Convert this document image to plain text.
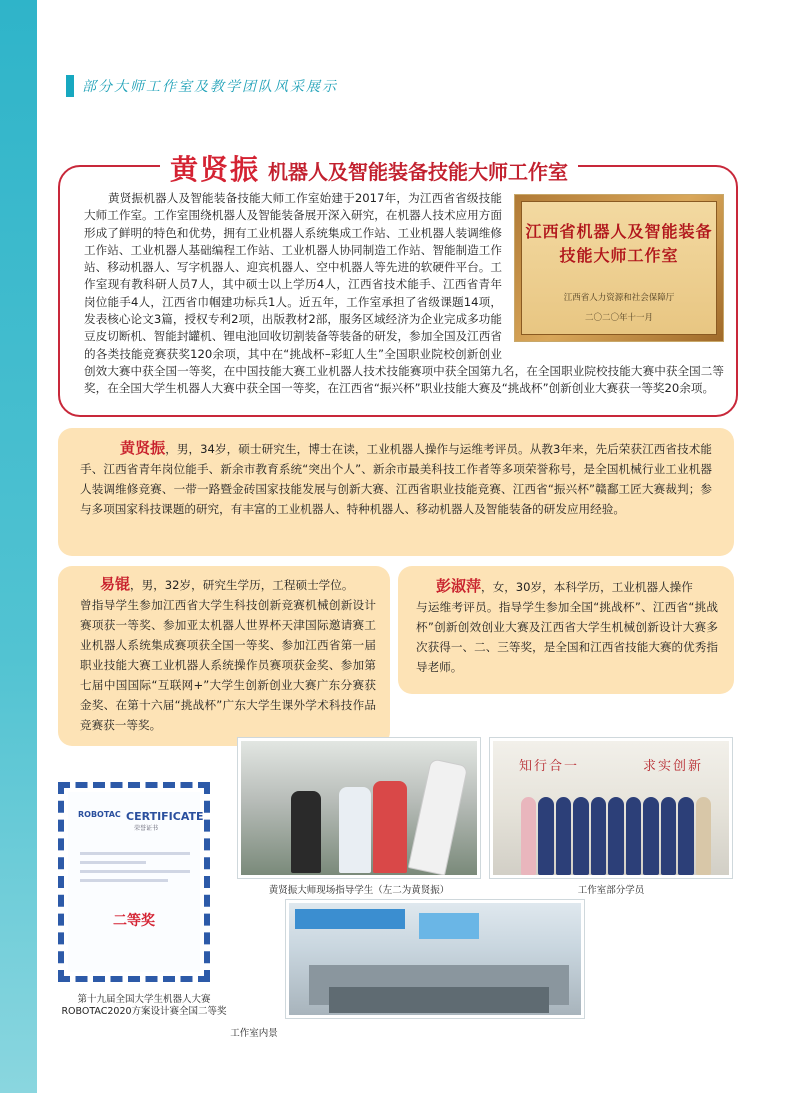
部分大师工作室及教学团队风采展示
黄贤振 机器人及智能装备技能大师工作室
江西省机器人及智能装备
技能大师工作室
江西省人力资源和社会保障厅
二〇二〇年十一月
黄贤振机器人及智能装备技能大师工作室始建于2017年，为江西省省级技能大师工作室。工作室围绕机器人及智能装备展开深入研究，在机器人技术应用方面形成了鲜明的特色和优势，拥有工业机器人系统集成工作站、工业机器人装调维修工作站、工业机器人基础编程工作站、工业机器人协同制造工作站、智能制造工作站、移动机器人、写字机器人、迎宾机器人、空中机器人等先进的软硬件平台。工作室现有教科研人员7人，其中硕士以上学历4人，江西省技术能手、江西省青年岗位能手4人，江西省巾帼建功标兵1人。近五年，工作室承担了省级课题14项，发表核心论文3篇，授权专利2项，出版教材2部，服务区域经济为企业完成多功能豆皮切断机、智能封罐机、锂电池回收切割装备等装备的研发，参加全国及江西省的各类技能竞赛获奖120余项，其中在“挑战杯–彩虹人生”全国职业院校创新创业创效大赛中获全国一等奖，在中国技能大赛工业机器人技术技能赛项中获全国第九名，在全国职业院校技能大赛中获全国二等奖，在全国大学生机器人大赛中获全国一等奖，在江西省“振兴杯”职业技能大赛及“挑战杯”创新创业大赛获一等奖20余项。
黄贤振，男，34岁，硕士研究生，博士在读，工业机器人操作与运维考评员。从教3年来，先后荣获江西省技术能手、江西省青年岗位能手、新余市教育系统“突出个人”、新余市最美科技工作者等多项荣誉称号，是全国机械行业工业机器人装调维修竞赛、一带一路暨金砖国家技能发展与创新大赛、江西省职业技能竞赛、江西省“振兴杯”赣鄱工匠大赛裁判；参与多项国家科技课题的研究，有丰富的工业机器人、特种机器人、移动机器人及智能装备的研发应用经验。
易锟，男，32岁，研究生学历，工程硕士学位。
曾指导学生参加江西省大学生科技创新竞赛机械创新设计赛项获一等奖、参加亚太机器人世界杯天津国际邀请赛工业机器人系统集成赛项获全国一等奖、参加江西省第一届职业技能大赛工业机器人系统操作员赛项获金奖、参加第七届中国国际“互联网+”大学生创新创业大赛广东分赛获金奖、在第十六届“挑战杯”广东大学生课外学术科技作品竞赛获一等奖。
彭淑萍，女，30岁，本科学历，工业机器人操作
与运维考评员。指导学生参加全国“挑战杯”、江西省“挑战杯”创新创效创业大赛及江西省大学生机械创新设计大赛多次获得一、二、三等奖，是全国和江西省技能大赛的优秀指导老师。
ROBOTAC CERTIFICATE
荣誉证书
二等奖
第十九届全国大学生机器人大赛
ROBOTAC2020方案设计赛全国二等奖
黄贤振大师现场指导学生（左二为黄贤振）
知行合一	求实创新
工作室部分学员
工作室内景
